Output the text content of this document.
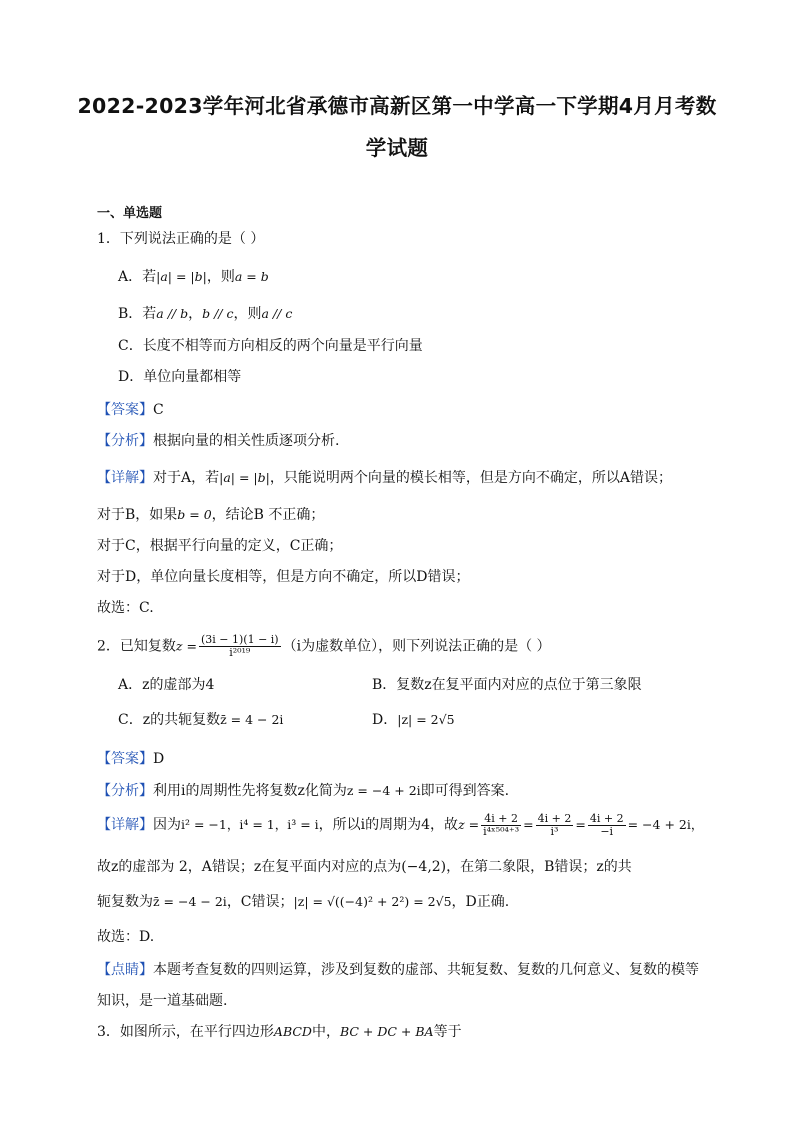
2022-2023学年河北省承德市高新区第一中学高一下学期4月月考数
学试题
一、单选题
1．下列说法正确的是（ ）
A．若|a| = |b|，则a = b
B．若a // b，b // c，则a // c
C．长度不相等而方向相反的两个向量是平行向量
D．单位向量都相等
【答案】C
【分析】根据向量的相关性质逐项分析.
【详解】对于A，若|a| = |b|，只能说明两个向量的模长相等，但是方向不确定，所以A错误；
对于B，如果b = 0，结论B 不正确；
对于C，根据平行向量的定义，C正确；
对于D，单位向量长度相等，但是方向不确定，所以D错误；
故选：C.
2．已知复数$z = \frac{(3i - 1)(1 - i)}{\text{i²⁰¹⁹}} (i$为虚数单位），则下列说法正确的是（ ）
A．z的虚部为4	B．复数z在复平面内对应的点位于第三象限
C．z的共轭复数z̄ = 4 − 2i	D．|z| = 2√5
【答案】D
【分析】利用i的周期性先将复数z化简为z = −4 + 2i即可得到答案.
【详解】因为i² = −1，i⁴ = 1，i³ = i，所以i的周期为4，故$z = \frac{4i + 2}{\text{i⁴ˣ⁵⁰⁴⁺³}} = \frac{4i + 2}{\text{i³}} = \frac{4i + 2}{-i} = -4 + 2i$，
故z的虚部为 2，A错误；z在复平面内对应的点为(−4,2)，在第二象限，B错误；z的共
轭复数为z̄ = −4 − 2i，C错误；|z| = √((−4)² + 2²) = 2√5，D正确.
故选：D.
【点睛】本题考查复数的四则运算，涉及到复数的虚部、共轭复数、复数的几何意义、复数的模等
知识，是一道基础题.
3．如图所示，在平行四边形ABCD中，BC + DC + BA等于
